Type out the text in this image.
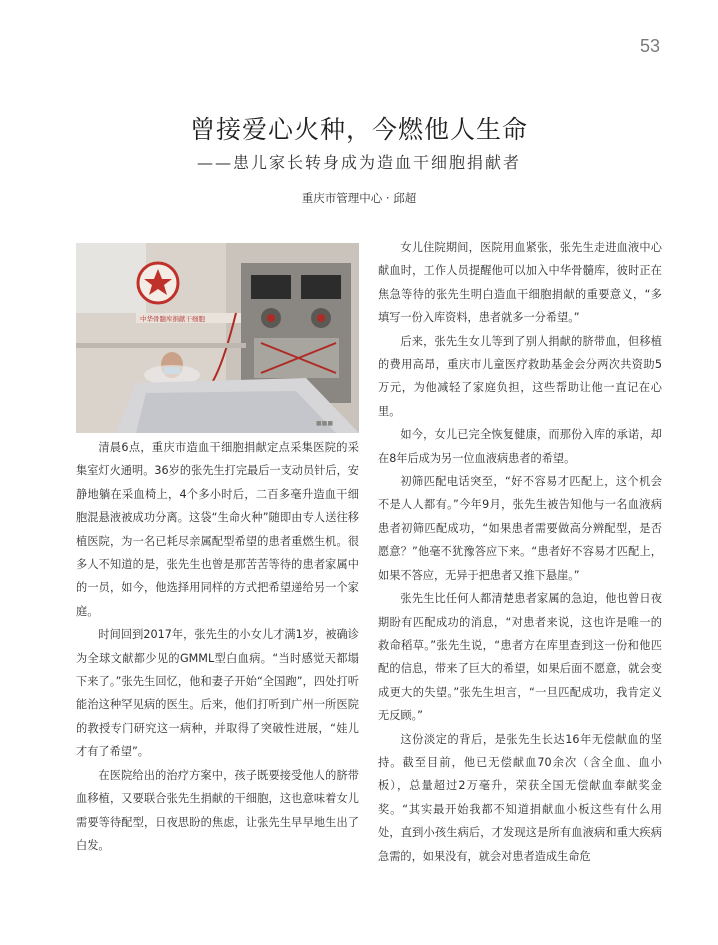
53
曾接爱心火种，今燃他人生命
——患儿家长转身成为造血干细胞捐献者
重庆市管理中心 · 邱超
中华骨髓库捐献干细胞
■■■

清晨6点，重庆市造血干细胞捐献定点采集医院的采集室灯火通明。36岁的张先生打完最后一支动员针后，安静地躺在采血椅上，4个多小时后，二百多毫升造血干细胞混悬液被成功分离。这袋“生命火种”随即由专人送往移植医院，为一名已耗尽亲属配型希望的患者重燃生机。很多人不知道的是，张先生也曾是那苦苦等待的患者家属中的一员，如今，他选择用同样的方式把希望递给另一个家庭。

时间回到2017年，张先生的小女儿才满1岁，被确诊为全球文献都少见的GMML型白血病。“当时感觉天都塌下来了。”张先生回忆，他和妻子开始“全国跑”，四处打听能治这种罕见病的医生。后来，他们打听到广州一所医院的教授专门研究这一病种，并取得了突破性进展，“娃儿才有了希望”。

在医院给出的治疗方案中，孩子既要接受他人的脐带血移植，又要联合张先生捐献的干细胞，这也意味着女儿需要等待配型，日夜思盼的焦虑，让张先生早早地生出了白发。

女儿住院期间，医院用血紧张，张先生走进血液中心献血时，工作人员提醒他可以加入中华骨髓库，彼时正在焦急等待的张先生明白造血干细胞捐献的重要意义，“多填写一份入库资料，患者就多一分希望。”

后来，张先生女儿等到了别人捐献的脐带血，但移植的费用高昂，重庆市儿童医疗救助基金会分两次共资助5万元，为他减轻了家庭负担，这些帮助让他一直记在心里。

如今，女儿已完全恢复健康，而那份入库的承诺，却在8年后成为另一位血液病患者的希望。

初筛匹配电话突至，“好不容易才匹配上，这个机会不是人人都有。”今年9月，张先生被告知他与一名血液病患者初筛匹配成功，“如果患者需要做高分辨配型，是否愿意？”他毫不犹豫答应下来。“患者好不容易才匹配上，如果不答应，无异于把患者又推下悬崖。”

张先生比任何人都清楚患者家属的急迫，他也曾日夜期盼有匹配成功的消息，“对患者来说，这也许是唯一的救命稻草。”张先生说，“患者方在库里查到这一份和他匹配的信息，带来了巨大的希望，如果后面不愿意，就会变成更大的失望。”张先生坦言，“一旦匹配成功，我肯定义无反顾。”

这份淡定的背后，是张先生长达16年无偿献血的坚持。截至目前，他已无偿献血70余次（含全血、血小板），总量超过2万毫升，荣获全国无偿献血奉献奖金奖。“其实最开始我都不知道捐献血小板这些有什么用处，直到小孩生病后，才发现这是所有血液病和重大疾病急需的，如果没有，就会对患者造成生命危
